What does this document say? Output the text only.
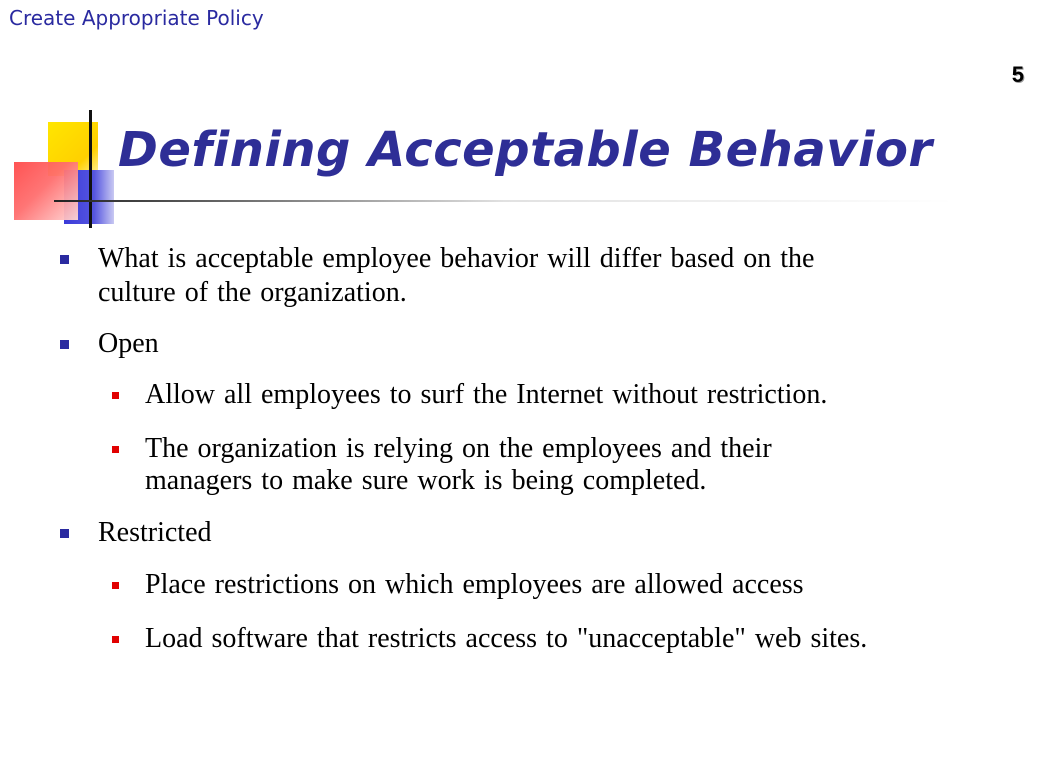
Create Appropriate Policy
5
Defining Acceptable Behavior
What is acceptable employee behavior will differ based on the
culture of the organization.
Open
Allow all employees to surf the Internet without restriction.
The organization is relying on the employees and their
managers to make sure work is being completed.
Restricted
Place restrictions on which employees are allowed access
Load software that restricts access to "unacceptable" web sites.
